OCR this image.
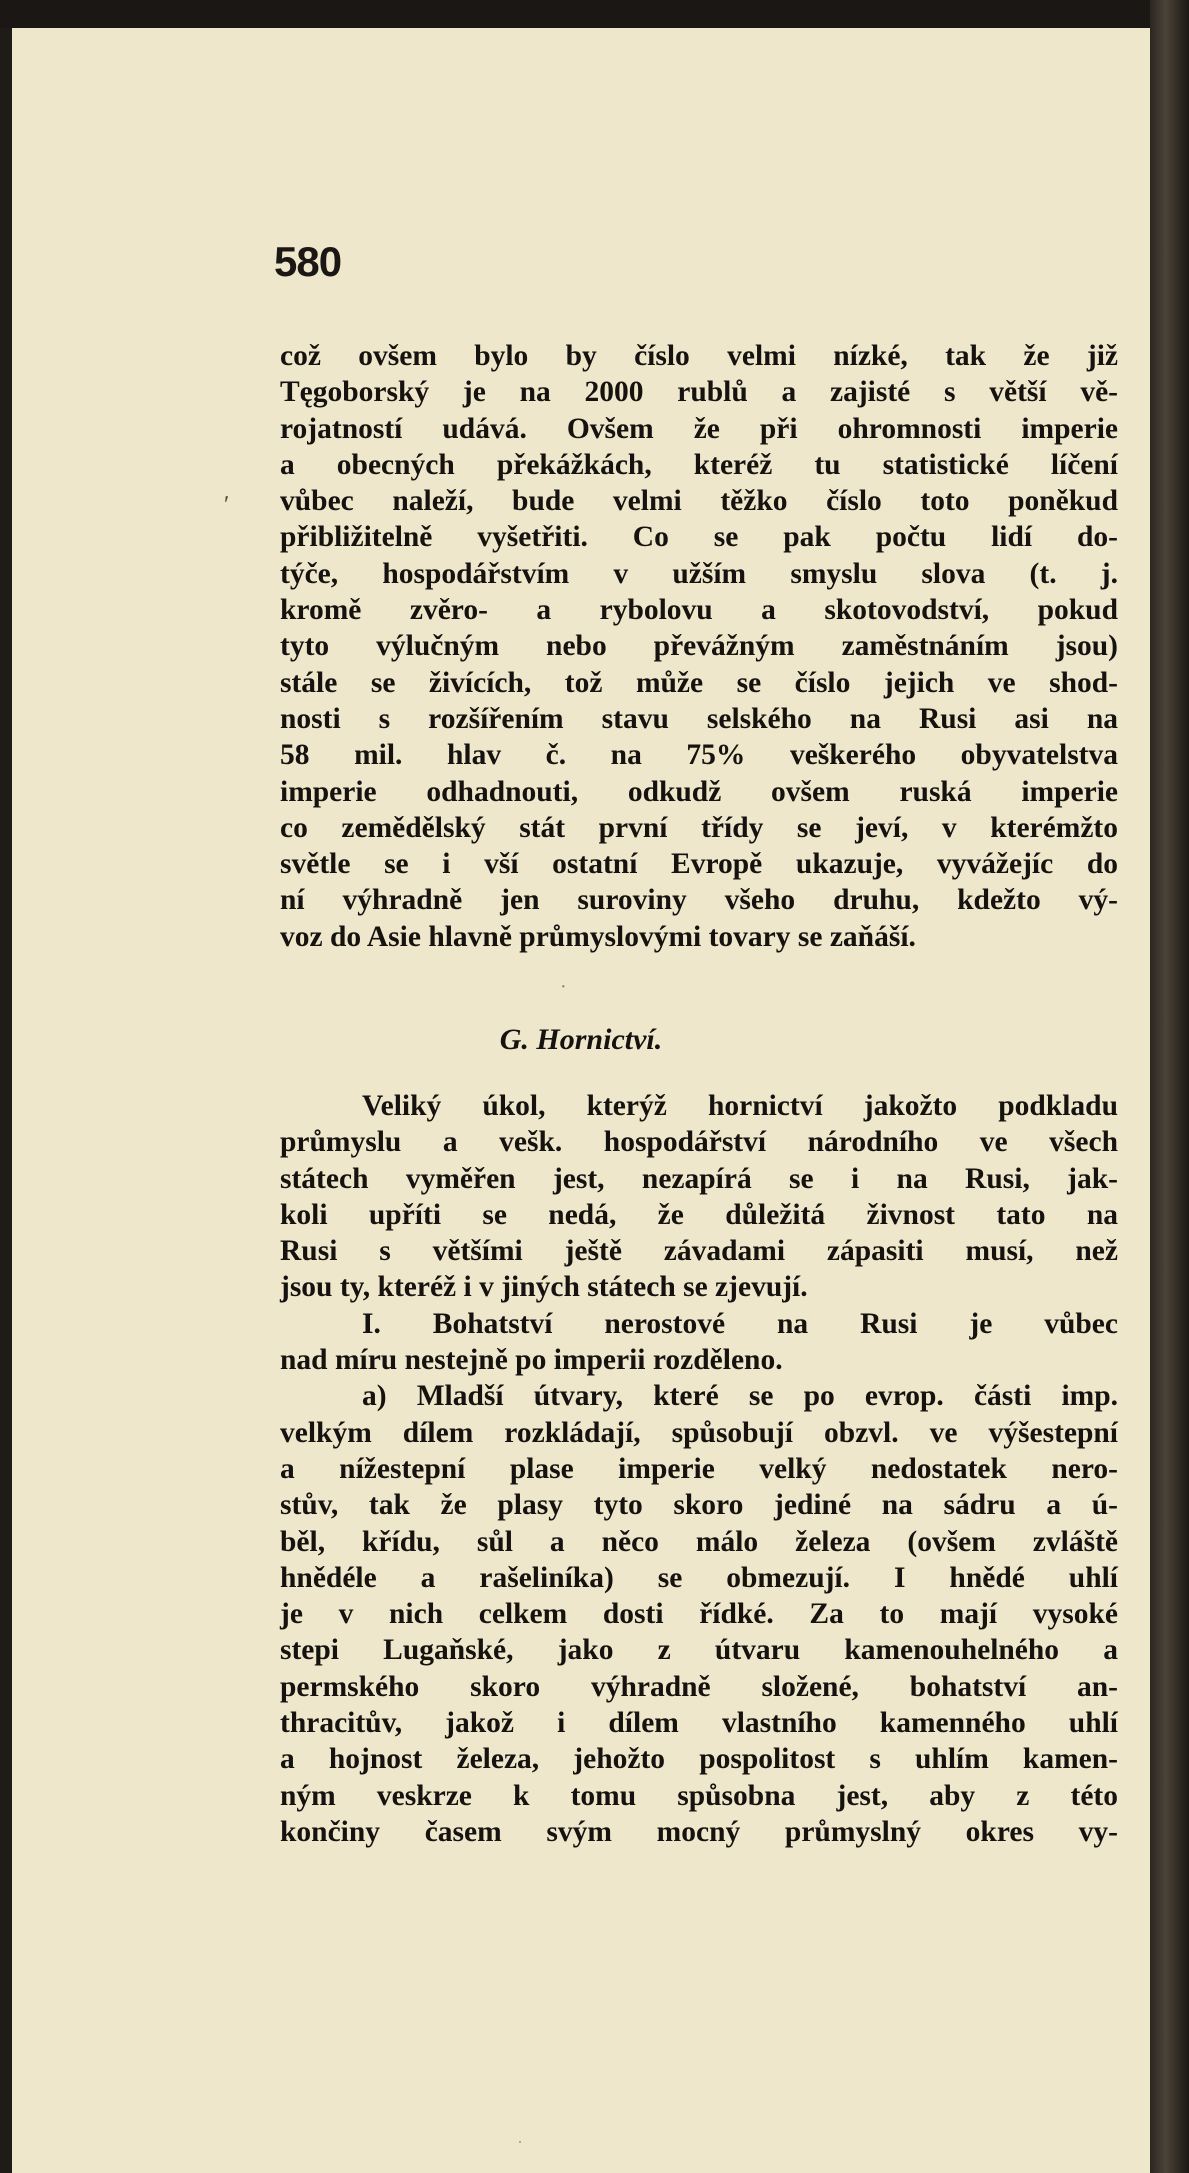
580
ʹ
což ovšem bylo by číslo velmi nízké, tak že již
Tęgoborský je na 2000 rublů a zajisté s větší vě-
rojatností udává. Ovšem že při ohromnosti imperie
a obecných překážkách, kteréž tu statistické líčení
vůbec naleží, bude velmi těžko číslo toto poněkud
přibližitelně vyšetřiti. Co se pak počtu lidí do-
týče, hospodářstvím v užším smyslu slova (t. j.
kromě zvěro- a rybolovu a skotovodství, pokud
tyto výlučným nebo převážným zaměstnáním jsou)
stále se živících, tož může se číslo jejich ve shod-
nosti s rozšířením stavu selského na Rusi asi na
58 mil. hlav č. na 75% veškerého obyvatelstva
imperie odhadnouti, odkudž ovšem ruská imperie
co zemědělský stát první třídy se jeví, v kterémžto
světle se i vší ostatní Evropě ukazuje, vyvážejíc do
ní výhradně jen suroviny všeho druhu, kdežto vý-
voz do Asie hlavně průmyslovými tovary se zaňáší.
·
G. Hornictví.
Veliký úkol, kterýž hornictví jakožto podkladu
průmyslu a vešk. hospodářství národního ve všech
státech vyměřen jest, nezapírá se i na Rusi, jak-
koli upříti se nedá, že důležitá živnost tato na
Rusi s většími ještě závadami zápasiti musí, než
jsou ty, kteréž i v jiných státech se zjevují.
I. Bohatství nerostové na Rusi je vůbec
nad míru nestejně po imperii rozděleno.
a) Mladší útvary, které se po evrop. části imp.
velkým dílem rozkládají, spůsobují obzvl. ve výšestepní
a nížestepní plase imperie velký nedostatek nero-
stův, tak že plasy tyto skoro jediné na sádru a ú-
běl, křídu, sůl a něco málo železa (ovšem zvláště
hnědéle a rašeliníka) se obmezují. I hnědé uhlí
je v nich celkem dosti řídké. Za to mají vysoké
stepi Lugaňské, jako z útvaru kamenouhelného a
permského skoro výhradně složené, bohatství an-
thracitův, jakož i dílem vlastního kamenného uhlí
a hojnost železa, jehožto pospolitost s uhlím kamen-
ným veskrze k tomu spůsobna jest, aby z této
končiny časem svým mocný průmyslný okres vy-
·
